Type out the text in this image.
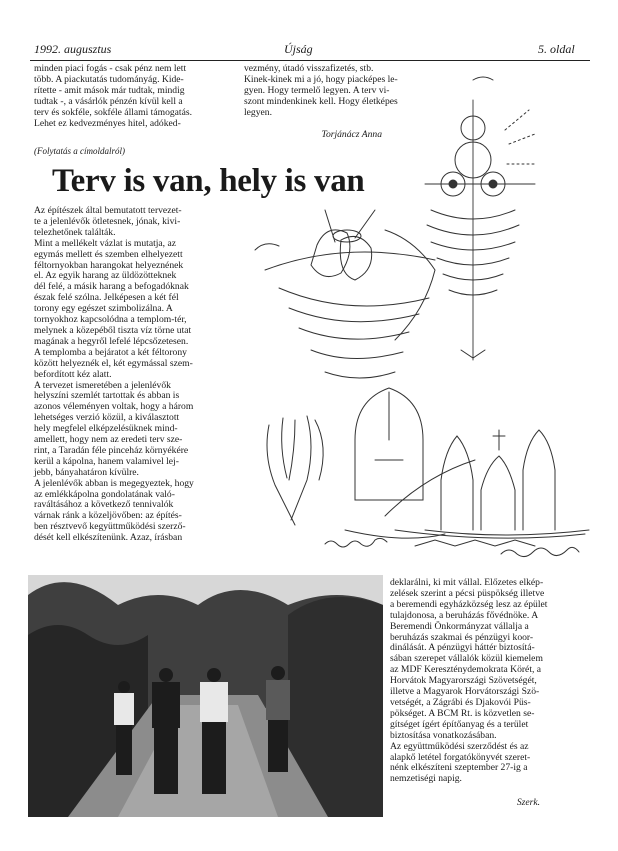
1992. augusztus	Újság	5. oldal
minden piaci fogás - csak pénz nem lett
több. A piackutatás tudományág. Kide-
rítette - amit mások már tudtak, mindig
tudtak -, a vásárlók pénzén kívül kell a
terv és sokféle, sokféle állami támogatás.
Lehet ez kedvezményes hitel, adóked-
vezmény, útadó visszafizetés, stb.
Kinek-kinek mi a jó, hogy piacképes le-
gyen. Hogy termelő legyen. A terv vi-
szont mindenkinek kell. Hogy életképes
legyen.
Torjánácz Anna
(Folytatás a címoldalról)
Terv is van, hely is van
Az építészek által bemutatott tervezet-
te a jelenlévők ötletesnek, jónak, kivi-
telezhetőnek találták.
Mint a mellékelt vázlat is mutatja, az
egymás mellett és szemben elhelyezett
féltornyokban harangokat helyeznének
el. Az egyik harang az üldözötteknek
dél felé, a másik harang a befogadóknak
észak felé szólna. Jelképesen a két fél
torony egy egészet szimbolizálna. A
tornyokhoz kapcsolódna a templom-tér,
melynek a közepéből tiszta víz törne utat
magának a hegyről lefelé lépcsőzetesen.
A templomba a bejáratot a két féltorony
között helyeznék el, két egymással szem-
befordított kéz alatt.
A tervezet ismeretében a jelenlévők
helyszíni szemlét tartottak és abban is
azonos véleményen voltak, hogy a három
lehetséges verzió közül, a kiválasztott
hely megfelel elképzelésüknek mind-
amellett, hogy nem az eredeti terv sze-
rint, a Taradán féle pinceház környékére
kerül a kápolna, hanem valamivel lej-
jebb, bányahatáron kívülre.
A jelenlévők abban is megegyeztek, hogy
az emlékkápolna gondolatának való-
raváltásához a következő tennivalók
várnak ránk a közeljövőben: az építés-
ben résztvevő kegyüttműködési szerző-
dését kell elkészítenünk. Azaz, írásban
deklarálni, ki mit vállal. Előzetes elkép-
zelések szerint a pécsi püspökség illetve
a beremendi egyházközség lesz az épület
tulajdonosa, a beruházás fővédnöke. A
Beremendi Önkormányzat vállalja a
beruházás szakmai és pénzügyi koor-
dinálását. A pénzügyi háttér biztosítá-
sában szerepet vállalók közül kiemelem
az MDF Kereszténydemokrata Körét, a
Horvátok Magyarországi Szövetségét,
illetve a Magyarok Horvátországi Szö-
vetségét, a Zágrábi és Djakovói Püs-
pökséget. A BCM Rt. is közvetlen se-
gítséget ígért építőanyag és a terület
biztosítása vonatkozásában.
Az együttműködési szerződést és az
alapkő letétel forgatókönyvét szeret-
nénk elkészíteni szeptember 27-ig a
nemzetiségi napig.
Szerk.
